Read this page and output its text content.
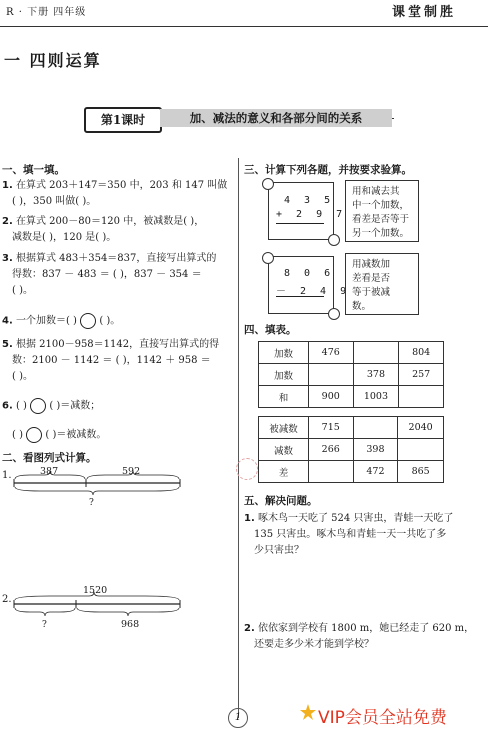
R · 下册 四年级	课堂制胜
一 四则运算
第1课时	加、减法的意义和各部分间的关系
一、填一填。
1. 在算式 203＋147＝350 中，203 和 147 叫做
( )，350 叫做( )。
2. 在算式 200－80＝120 中，被减数是( )，
减数是( )，120 是( )。
3. 根据算式 483＋354＝837，直接写出算式的
得数：837 － 483 ＝ ( )，837 － 354 ＝
( )。
4. 一个加数＝( ) ( )。
5. 根据 2100－958＝1142，直接写出算式的得
数：2100 － 1142 ＝ ( )，1142 ＋ 958 ＝
( )。
6. ( ) ( )＝减数；
( ) ( )＝被减数。
二、看图列式计算。
1.	387	592
?
2.
1520
?	968
三、计算下列各题，并按要求验算。
4 3 5
+ 2 9 7
用和减去其
中一个加数，
看差是否等于
另一个加数。
8 0 6
－ 2 4 9
用减数加
差看是否
等于被减
数。
四、填表。
加数	476		804
加数		378	257
和	900	1003	
被减数	715		2040
减数	266	398	
差		472	865
五、解决问题。
1. 啄木鸟一天吃了 524 只害虫，青蛙一天吃了
135 只害虫。啄木鸟和青蛙一天一共吃了多
少只害虫？
2. 依依家到学校有 1800 m，她已经走了 620 m，
还要走多少米才能到学校？
1	VIP会员全站免费
